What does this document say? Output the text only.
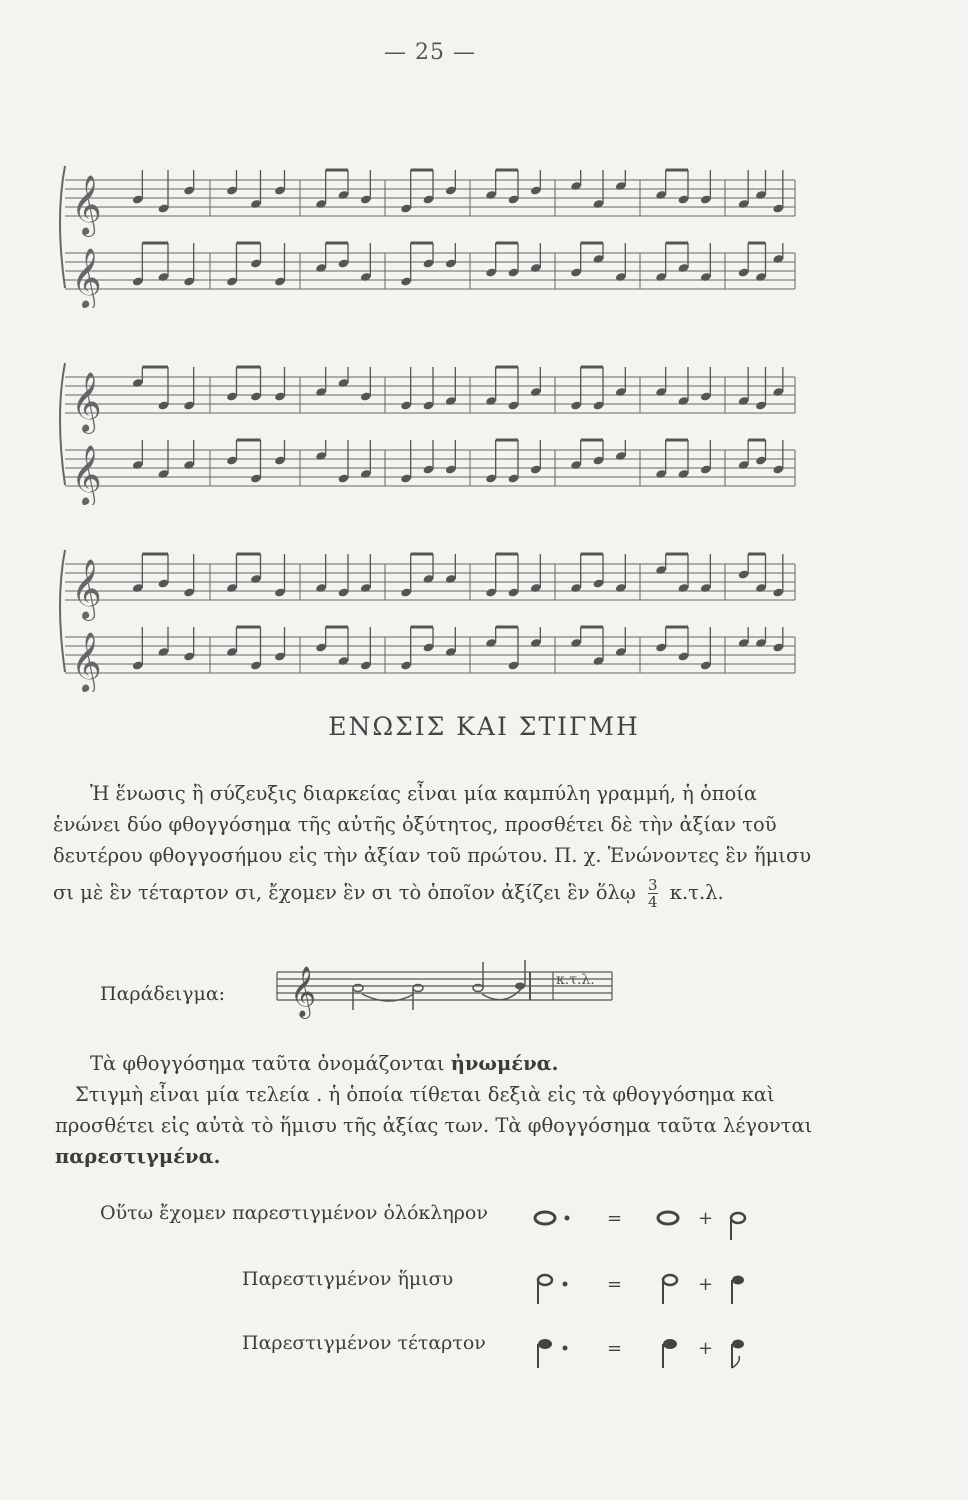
— 25 —
𝄞
𝄞
𝄞
𝄞
𝄞
𝄞
ΕΝΩΣΙΣ ΚΑΙ ΣΤΙΓΜΗ

Ἡ ἕνωσις ἢ σύζευξις διαρκείας εἶναι μία καμπύλη γραμμή, ἡ ὁποία

ἑνώνει δύο φθογγόσημα τῆς αὐτῆς ὀξύτητος, προσθέτει δὲ τὴν ἀξίαν τοῦ

δευτέρου φθογγοσήμου εἰς τὴν ἀξίαν τοῦ πρώτου. Π. χ. Ἑνώνοντες ἓν ἥμισυ

σι μὲ ἓν τέταρτον σι, ἔχομεν ἓν σι τὸ ὁποῖον ἀξίζει ἓν ὅλῳ $\frac{3}{4} \kappa.\tau.\lambda$.

Παράδειγμα: 𝄞	κ.τ.λ.

Τὰ φθογγόσημα ταῦτα ὀνομάζονται ἠνωμένα.

Στιγμὴ εἶναι μία τελεία . ἡ ὁποία τίθεται δεξιὰ εἰς τὰ φθογγόσημα καὶ

προσθέτει εἰς αὐτὰ τὸ ἥμισυ τῆς ἀξίας των. Τὰ φθογγόσημα ταῦτα λέγονται

παρεστιγμένα.

Οὕτω ἔχομεν παρεστιγμένον ὁλόκληρον	=	+
Παρεστιγμένον ἥμισυ	=	+
Παρεστιγμένον τέταρτον	=	+
